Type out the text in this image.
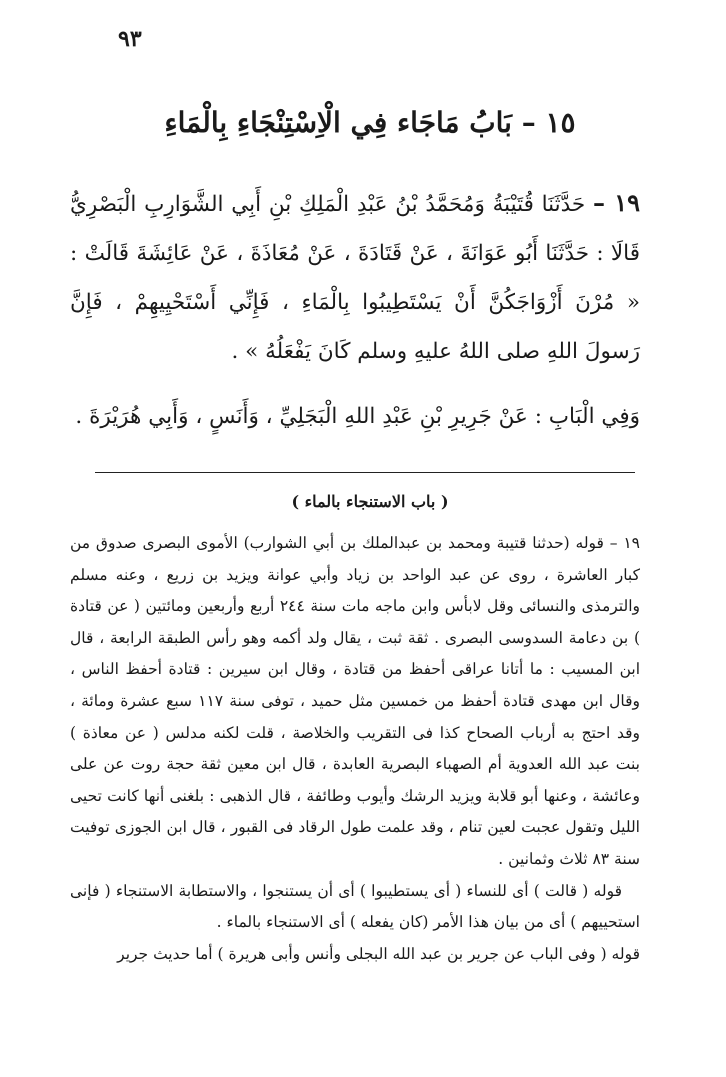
٩٣
١٥ – بَابُ مَاجَاء فِي الْاِسْتِنْجَاءِ بِالْمَاءِ

١٩ – حَدَّثَنَا قُتَيْبَةُ وَمُحَمَّدُ بْنُ عَبْدِ الْمَلِكِ بْنِ أَبِي الشَّوَارِبِ الْبَصْرِيُّ قَالَا : حَدَّثَنَا أَبُو عَوَانَةَ ، عَنْ قَتَادَةَ ، عَنْ مُعَاذَةَ ، عَنْ عَائِشَةَ قَالَتْ : « مُرْنَ أَزْوَاجَكُنَّ أَنْ يَسْتَطِيبُوا بِالْمَاءِ ، فَإِنِّي أَسْتَحْيِيهِمْ ، فَإِنَّ رَسولَ اللهِ صلى اللهُ عليهِ وسلم كَانَ يَفْعَلُهُ » .

وَفِي الْبَابِ : عَنْ جَرِيرِ بْنِ عَبْدِ اللهِ الْبَجَلِيِّ ، وَأَنَسٍ ، وَأَبِي هُرَيْرَةَ .

( باب الاستنجاء بالماء )

١٩ – قوله (حدثنا قتيبة ومحمد بن عبدالملك بن أبي الشوارب) الأموى البصرى صدوق من كبار العاشرة ، روى عن عبد الواحد بن زياد وأبي عوانة ويزيد بن زريع ، وعنه مسلم والترمذى والنسائى وقل لابأس وابن ماجه مات سنة ٢٤٤ أربع وأربعين ومائتين ( عن قتادة ) بن دعامة السدوسى البصرى . ثقة ثبت ، يقال ولد أكمه وهو رأس الطبقة الرابعة ، قال ابن المسيب : ما أتانا عراقى أحفظ من قتادة ، وقال ابن سيرين : قتادة أحفظ الناس ، وقال ابن مهدى قتادة أحفظ من خمسين مثل حميد ، توفى سنة ١١٧ سبع عشرة ومائة ، وقد احتج به أرباب الصحاح كذا فى التقريب والخلاصة ، قلت لكنه مدلس ( عن معاذة ) بنت عبد الله العدوية أم الصهباء البصرية العابدة ، قال ابن معين ثقة حجة روت عن على وعائشة ، وعنها أبو قلابة ويزيد الرشك وأيوب وطائفة ، قال الذهبى : بلغنى أنها كانت تحيى الليل وتقول عجبت لعين تنام ، وقد علمت طول الرقاد فى القبور ، قال ابن الجوزى توفيت سنة ٨٣ ثلاث وثمانين .

قوله ( قالت ) أى للنساء ( أى يستطيبوا ) أى أن يستنجوا ، والاستطابة الاستنجاء ( فإنى استحييهم ) أى من بيان هذا الأمر (كان يفعله ) أى الاستنجاء بالماء .

قوله ( وفى الباب عن جرير بن عبد الله البجلى وأنس وأبى هريرة ) أما حديث جرير
